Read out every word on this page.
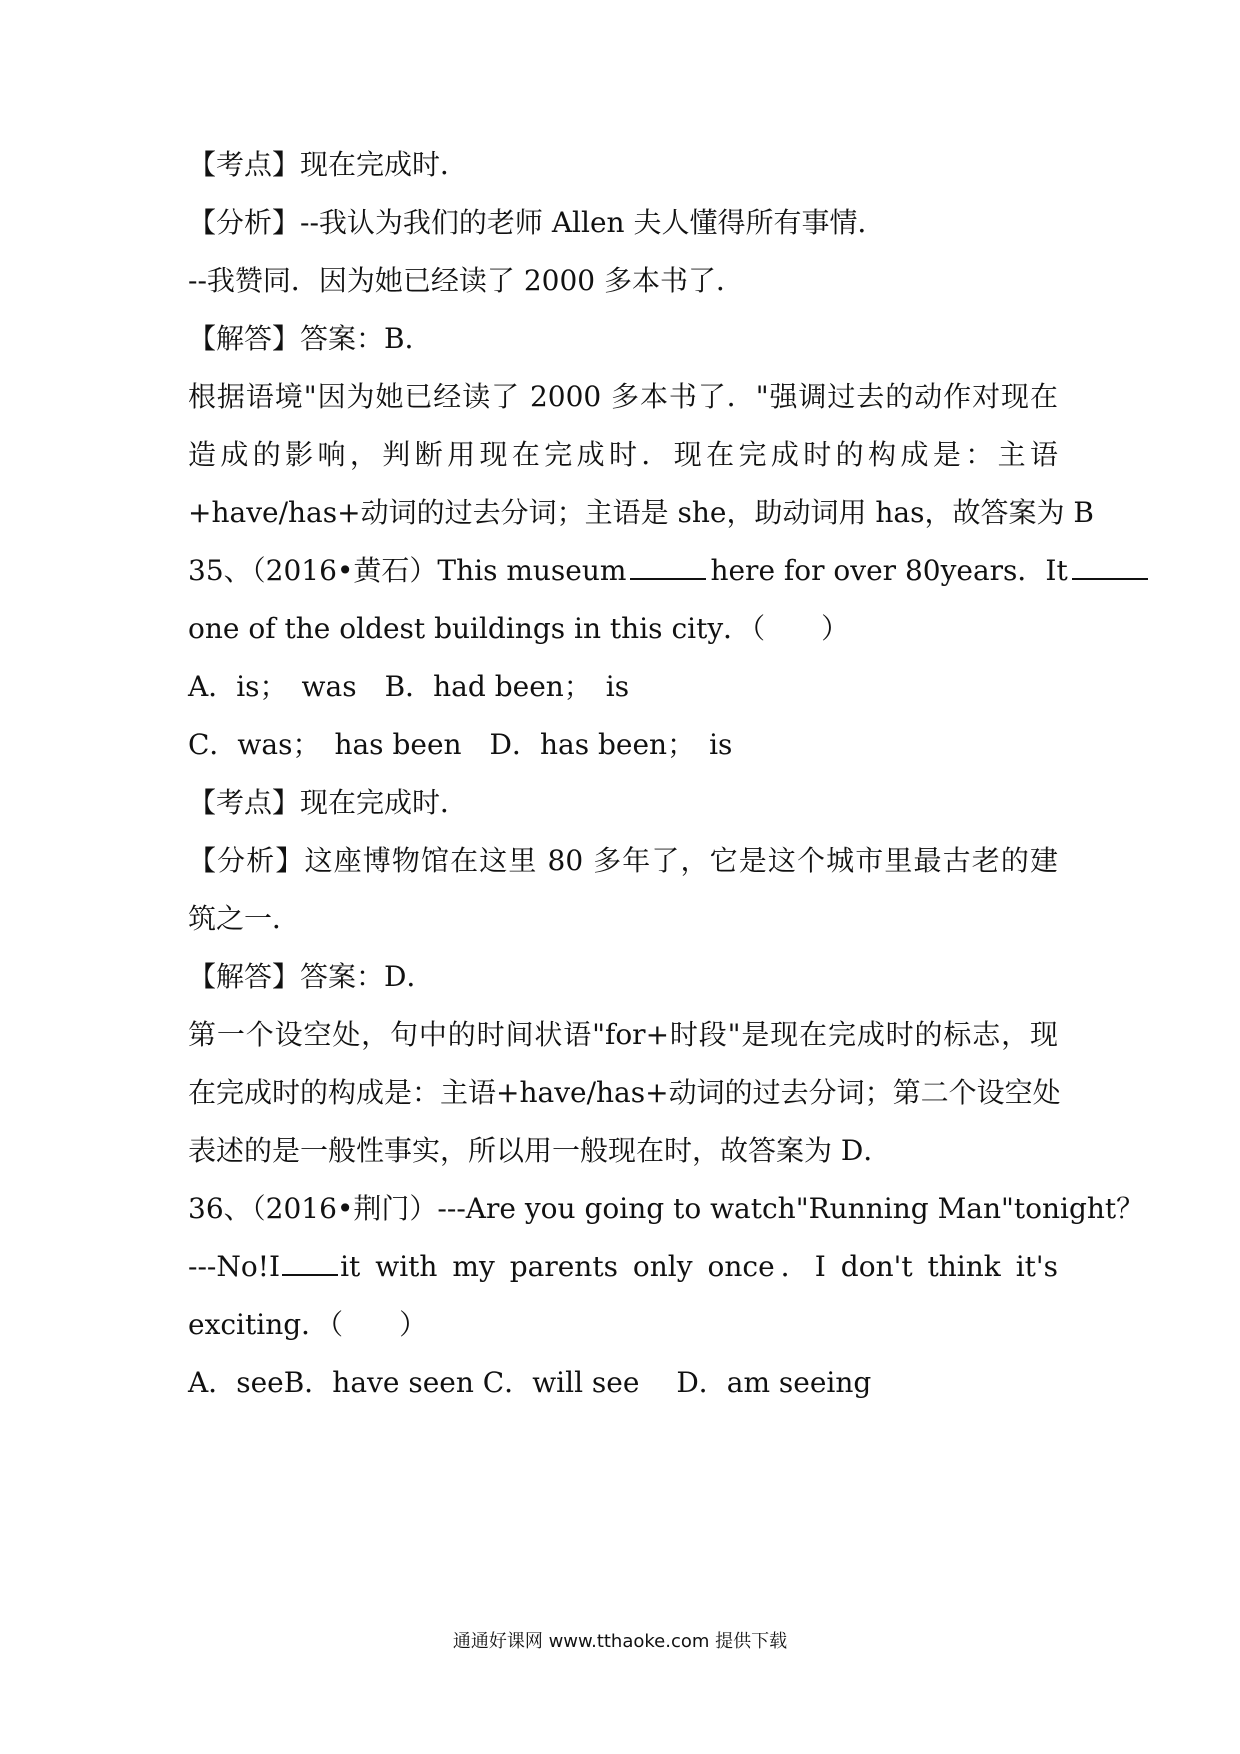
【考点】现在完成时．
【分析】--我认为我们的老师 Allen 夫人懂得所有事情．
--我赞同．因为她已经读了 2000 多本书了．
【解答】答案：B．
根据语境"因为她已经读了 2000 多本书了．"强调过去的动作对现在
造成的影响，判断用现在完成时．现在完成时的构成是：主语
+have/has+动词的过去分词；主语是 she，助动词用 has，故答案为 B
35、（2016•黄石）This museum	here for over 80years．It
one of the oldest buildings in this city．（　　）
A．is；　was　B．had been；　is
C．was；　has been　D．has been；　is
【考点】现在完成时．
【分析】这座博物馆在这里 80 多年了，它是这个城市里最古老的建
筑之一．
【解答】答案：D．
第一个设空处，句中的时间状语"for+时段"是现在完成时的标志，现
在完成时的构成是：主语+have/has+动词的过去分词；第二个设空处
表述的是一般性事实，所以用一般现在时，故答案为 D．
36、（2016•荆门）---Are you going to watch"Running Man"tonight？
---No!I it with my parents only once．I don't think it's
exciting．（　　）
A．seeB．have seen C．will see　 D．am seeing
通通好课网 www.tthaoke.com 提供下载
